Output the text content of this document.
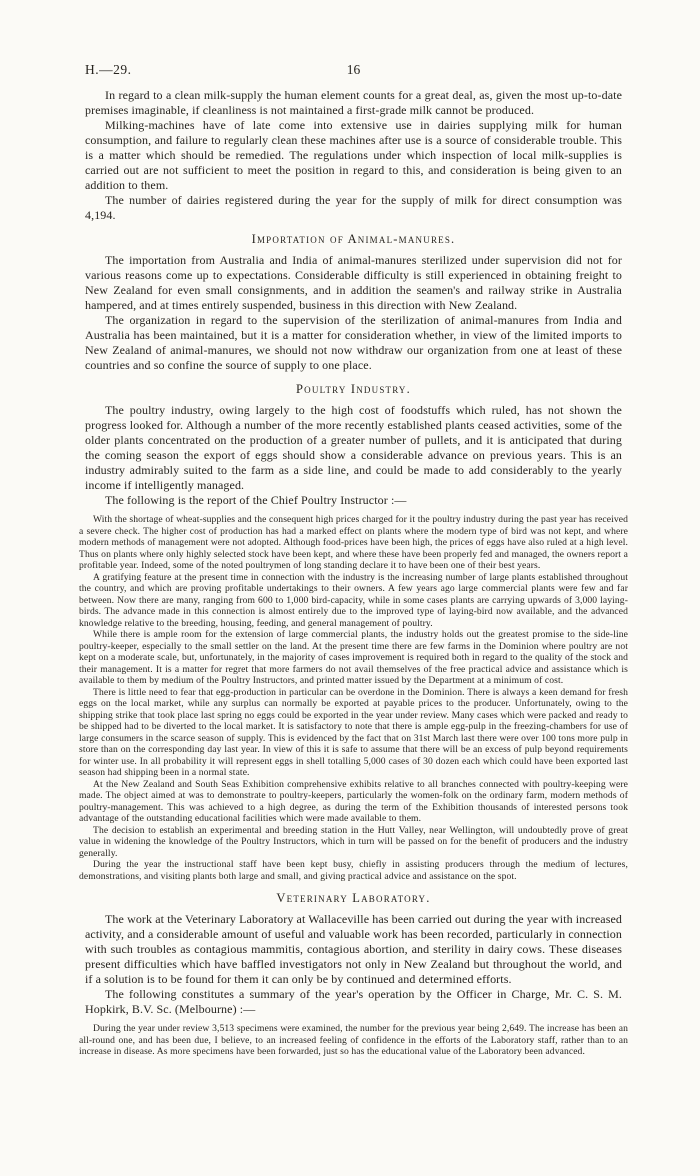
H.—29.	16

In regard to a clean milk-supply the human element counts for a great deal, as, given the most up-to-date premises imaginable, if cleanliness is not maintained a first-grade milk cannot be produced.

Milking-machines have of late come into extensive use in dairies supplying milk for human consumption, and failure to regularly clean these machines after use is a source of considerable trouble. This is a matter which should be remedied. The regulations under which inspection of local milk-supplies is carried out are not sufficient to meet the position in regard to this, and consideration is being given to an addition to them.

The number of dairies registered during the year for the supply of milk for direct consumption was 4,194.

Importation of Animal-manures.

The importation from Australia and India of animal-manures sterilized under supervision did not for various reasons come up to expectations. Considerable difficulty is still experienced in obtaining freight to New Zealand for even small consignments, and in addition the seamen's and railway strike in Australia hampered, and at times entirely suspended, business in this direction with New Zealand.

The organization in regard to the supervision of the sterilization of animal-manures from India and Australia has been maintained, but it is a matter for consideration whether, in view of the limited imports to New Zealand of animal-manures, we should not now withdraw our organization from one at least of these countries and so confine the source of supply to one place.

Poultry Industry.

The poultry industry, owing largely to the high cost of foodstuffs which ruled, has not shown the progress looked for. Although a number of the more recently established plants ceased activities, some of the older plants concentrated on the production of a greater number of pullets, and it is anticipated that during the coming season the export of eggs should show a considerable advance on previous years. This is an industry admirably suited to the farm as a side line, and could be made to add considerably to the yearly income if intelligently managed.

The following is the report of the Chief Poultry Instructor :—

With the shortage of wheat-supplies and the consequent high prices charged for it the poultry industry during the past year has received a severe check. The higher cost of production has had a marked effect on plants where the modern type of bird was not kept, and where modern methods of management were not adopted. Although food-prices have been high, the prices of eggs have also ruled at a high level. Thus on plants where only highly selected stock have been kept, and where these have been properly fed and managed, the owners report a profitable year. Indeed, some of the noted poultrymen of long standing declare it to have been one of their best years.

A gratifying feature at the present time in connection with the industry is the increasing number of large plants established throughout the country, and which are proving profitable undertakings to their owners. A few years ago large commercial plants were few and far between. Now there are many, ranging from 600 to 1,000 bird-capacity, while in some cases plants are carrying upwards of 3,000 laying-birds. The advance made in this connection is almost entirely due to the improved type of laying-bird now available, and the advanced knowledge relative to the breeding, housing, feeding, and general management of poultry.

While there is ample room for the extension of large commercial plants, the industry holds out the greatest promise to the side-line poultry-keeper, especially to the small settler on the land. At the present time there are few farms in the Dominion where poultry are not kept on a moderate scale, but, unfortunately, in the majority of cases improvement is required both in regard to the quality of the stock and their management. It is a matter for regret that more farmers do not avail themselves of the free practical advice and assistance which is available to them by medium of the Poultry Instructors, and printed matter issued by the Department at a minimum of cost.

There is little need to fear that egg-production in particular can be overdone in the Dominion. There is always a keen demand for fresh eggs on the local market, while any surplus can normally be exported at payable prices to the producer. Unfortunately, owing to the shipping strike that took place last spring no eggs could be exported in the year under review. Many cases which were packed and ready to be shipped had to be diverted to the local market. It is satisfactory to note that there is ample egg-pulp in the freezing-chambers for use of large consumers in the scarce season of supply. This is evidenced by the fact that on 31st March last there were over 100 tons more pulp in store than on the corresponding day last year. In view of this it is safe to assume that there will be an excess of pulp beyond requirements for winter use. In all probability it will represent eggs in shell totalling 5,000 cases of 30 dozen each which could have been exported last season had shipping been in a normal state.

At the New Zealand and South Seas Exhibition comprehensive exhibits relative to all branches connected with poultry-keeping were made. The object aimed at was to demonstrate to poultry-keepers, particularly the women-folk on the ordinary farm, modern methods of poultry-management. This was achieved to a high degree, as during the term of the Exhibition thousands of interested persons took advantage of the outstanding educational facilities which were made available to them.

The decision to establish an experimental and breeding station in the Hutt Valley, near Wellington, will undoubtedly prove of great value in widening the knowledge of the Poultry Instructors, which in turn will be passed on for the benefit of producers and the industry generally.

During the year the instructional staff have been kept busy, chiefly in assisting producers through the medium of lectures, demonstrations, and visiting plants both large and small, and giving practical advice and assistance on the spot.

Veterinary Laboratory.

The work at the Veterinary Laboratory at Wallaceville has been carried out during the year with increased activity, and a considerable amount of useful and valuable work has been recorded, particularly in connection with such troubles as contagious mammitis, contagious abortion, and sterility in dairy cows. These diseases present difficulties which have baffled investigators not only in New Zealand but throughout the world, and if a solution is to be found for them it can only be by continued and determined efforts.

The following constitutes a summary of the year's operation by the Officer in Charge, Mr. C. S. M. Hopkirk, B.V. Sc. (Melbourne) :—

During the year under review 3,513 specimens were examined, the number for the previous year being 2,649. The increase has been an all-round one, and has been due, I believe, to an increased feeling of confidence in the efforts of the Laboratory staff, rather than to an increase in disease. As more specimens have been forwarded, just so has the educational value of the Laboratory been advanced.
